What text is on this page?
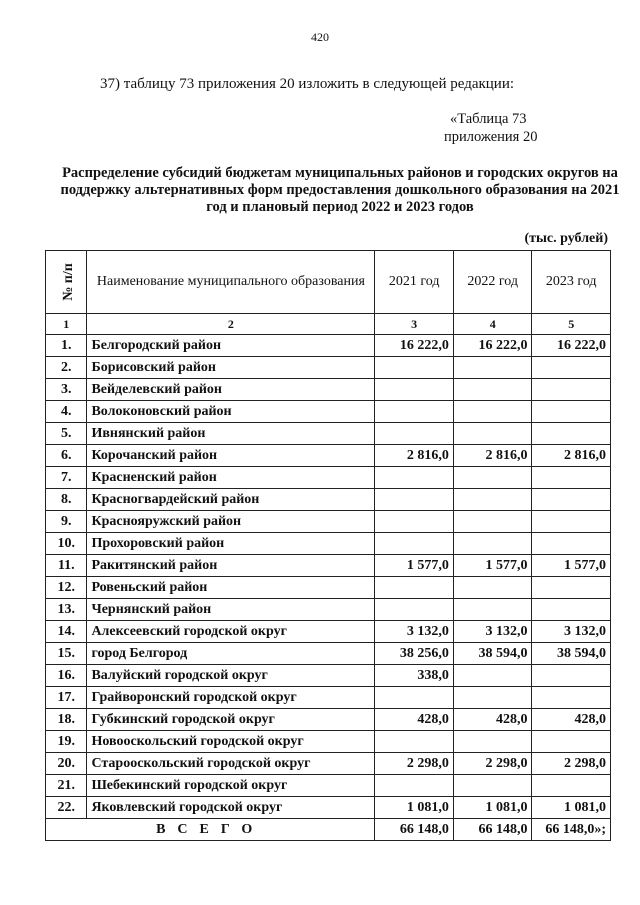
420
37) таблицу 73 приложения 20 изложить в следующей редакции:
«Таблица 73
приложения 20
Распределение субсидий бюджетам муниципальных районов и городских округов на поддержку альтернативных форм предоставления дошкольного образования на 2021 год и плановый период 2022 и 2023 годов
(тыс. рублей)
№ п/п	Наименование муниципального образования	2021 год	2022 год	2023 год
1	2	3	4	5
1.	Белгородский район	16 222,0	16 222,0	16 222,0
2.	Борисовский район			
3.	Вейделевский район			
4.	Волоконовский район			
5.	Ивнянский район			
6.	Корочанский район	2 816,0	2 816,0	2 816,0
7.	Красненский район			
8.	Красногвардейский район			
9.	Краснояружский район			
10.	Прохоровский район			
11.	Ракитянский район	1 577,0	1 577,0	1 577,0
12.	Ровеньский район			
13.	Чернянский район			
14.	Алексеевский городской округ	3 132,0	3 132,0	3 132,0
15.	город Белгород	38 256,0	38 594,0	38 594,0
16.	Валуйский городской округ	338,0		
17.	Грайворонский городской округ			
18.	Губкинский городской округ	428,0	428,0	428,0
19.	Новооскольский городской округ			
20.	Старооскольский городской округ	2 298,0	2 298,0	2 298,0
21.	Шебекинский городской округ			
22.	Яковлевский городской округ	1 081,0	1 081,0	1 081,0
ВСЕГО		66 148,0	66 148,0	66 148,0»;
